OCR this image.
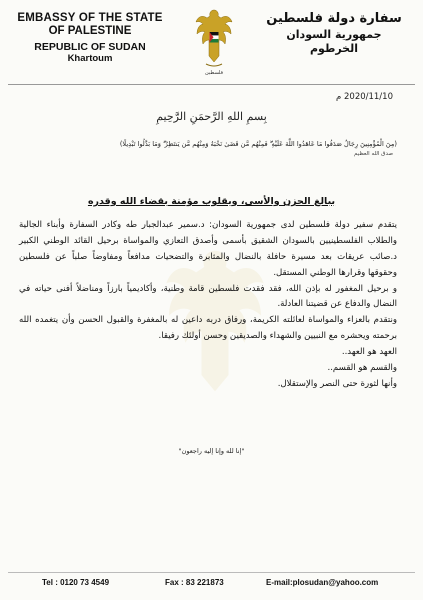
EMBASSY OF THE STATE
OF PALESTINE
REPUBLIC OF SUDAN
Khartoum
فلسطين
سفارة دولة فلسطين
جمهورية السودان
الخرطوم
2020/11/10 م
بِسمِ اللهِ الرَّحمَنِ الرَّحِيمِ
(مِنَ الْمُؤْمِنِينَ رِجَالٌ صَدَقُوا مَا عَاهَدُوا اللَّهَ عَلَيْهِ ۖ فَمِنْهُم مَّن قَضَىٰ نَحْبَهُ وَمِنْهُم مَّن يَنتَظِرُ ۖ وَمَا بَدَّلُوا تَبْدِيلًا)
صدق الله العظيم
ببالغ الحزن والأسى، ويقلوب مؤمنة بقضاء الله وقدره

يتقدم سفير دولة فلسطين لدى جمهورية السودان: د.سمير عبدالجبار طه وكادر السفارة وأبناء الجالية والطلاب الفلسطينيين بالسودان الشقيق بأسمى وأصدق التعازي والمواساة برحيل القائد الوطني الكبير د.صائب عريقات بعد مسيرة حافلة بالنضال والمثابرة والتضحيات مدافعاً ومفاوضاً صلباً عن فلسطين وحقوقها وقرارها الوطني المستقل.

و برحيل المغفور له بإذن الله، فقد فقدت فلسطين قامة وطنية، وأكاديمياً بارزاً ومناضلاً أفنى حياته في النضال والدفاع عن قضيتنا العادلة.

ونتقدم بالعزاء والمواساة لعائلته الكريمة، ورفاق دربه داعين له بالمغفرة والقبول الحسن وأن يتغمده الله برحمته ويحشره مع النبيين والشهداء والصديقين وحسن أولئك رفيقا.

العهد هو العهد..

والقسم هو القسم..

وأنها لثورة حتى النصر والإستقلال.

"إنا لله وإنا إليه راجعون"
Tel : 0120 73 4549	Fax : 83 221873	E-mail:plosudan@yahoo.com
